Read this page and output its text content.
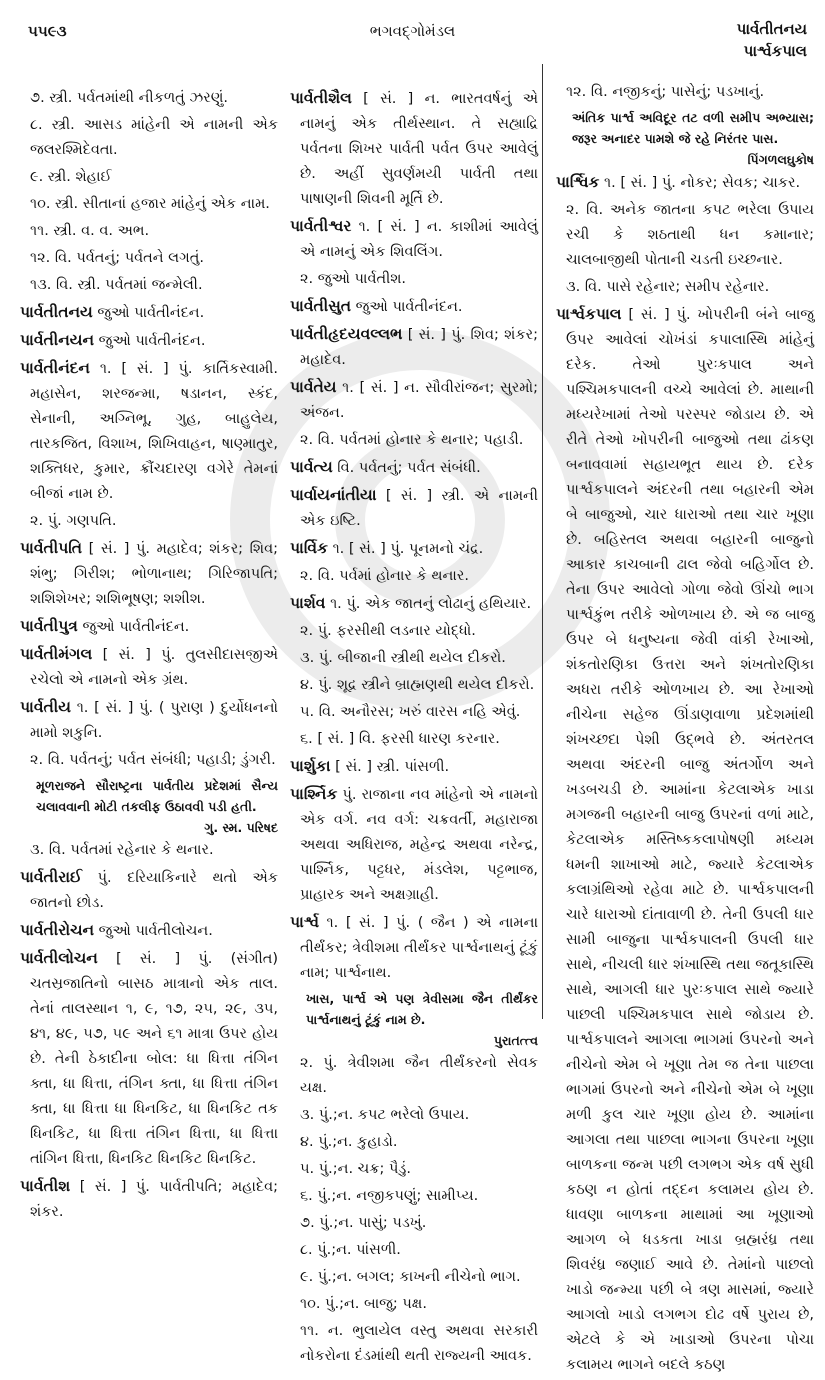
૫૫૯૩	ભગવદ્ગોમંડલ	પાર્વતીતનય
પાર્શ્વકપાલ
૭. સ્ત્રી. પર્વતમાંથી નીકળતું ઝરણું.
૮. સ્ત્રી. આસડ માંહેની એ નામની એક જલરશ્મિદેવતા.
૯. સ્ત્રી. શેહાઈ
૧૦. સ્ત્રી. સીતાનાં હજાર માંહેનું એક નામ.
૧૧. સ્ત્રી. વ. વ. અભ.
૧૨. વિ. પર્વતનું; પર્વતને લગતું.
૧૩. વિ. સ્ત્રી. પર્વતમાં જન્મેલી.
પાર્વતીતનય જુઓ પાર્વતીનંદન.
પાર્વતીનયન જુઓ પાર્વતીનંદન.
પાર્વતીનંદન ૧. [ સં. ] પું. કાર્તિકસ્વામી. મહાસેન, શરજન્મા, ષડાનન, સ્કંદ, સેનાની, અગ્નિભૂ, ગુહ, બાહુલેય, તારકજિત, વિશાખ, શિખિવાહન, ષાણ્માતુર, શક્તિધર, કુમાર, ક્રૌંચદારણ વગેરે તેમનાં બીજાં નામ છે.
૨. પું. ગણપતિ.
પાર્વતીપતિ [ સં. ] પું. મહાદેવ; શંકર; શિવ; શંભુ; ગિરીશ; ભોળાનાથ; ગિરિજાપતિ; શશિશેખર; શશિભૂષણ; શશીશ.
પાર્વતીપુત્ર જુઓ પાર્વતીનંદન.
પાર્વતીમંગલ [ સં. ] પું. તુલસીદાસજીએ રચેલો એ નામનો એક ગ્રંથ.
પાર્વતીય ૧. [ સં. ] પું. ( પુરાણ ) દુર્યોધનનો મામો શકુનિ.
૨. વિ. પર્વતનું; પર્વત સંબંધી; પહાડી; ડુંગરી.
મૂળરાજને સૌરાષ્ટ્રના પાર્વતીય પ્રદેશમાં સૈન્ય ચલાવવાની મોટી તકલીફ ઉઠાવવી પડી હતી.
ગુ. સ્મ. પરિષદ
૩. વિ. પર્વતમાં રહેનાર કે થનાર.
પાર્વતીરાઈ પું. દરિયાકિનારે થતો એક જાતનો છોડ.
પાર્વતીરોચન જુઓ પાર્વતીલોચન.
પાર્વતીલોચન [ સં. ] પું. (સંગીત) ચતસ્રજાતિનો બાસઠ માત્રાનો એક તાલ. તેનાં તાલસ્થાન ૧, ૯, ૧૭, ૨૫, ૨૯, ૩૫, ૪૧, ૪૯, ૫૭, ૫૯ અને ૬૧ માત્રા ઉપર હોય છે. તેની ઠેકાદીના બોલ: ધા ધિત્તા તંગિન ક્તા, ધા ધિત્તા, તંગિન ક્તા, ધા ધિત્તા તંગિન ક્તા, ધા ધિત્તા ધા ધિનકિટ, ધા ધિનકિટ તક ધિનકિટ, ધા ધિત્તા તંગિન ધિત્તા, ધા ધિત્તા તાંગિન ધિત્તા, ધિનકિટ ધિનકિટ ધિનકિટ.
પાર્વતીશ [ સં. ] પું. પાર્વતીપતિ; મહાદેવ; શંકર.
પાર્વતીશૈલ [ સં. ] ન. ભારતવર્ષનું એ નામનું એક તીર્થસ્થાન. તે સહ્યાદ્રિ પર્વતના શિખર પાર્વતી પર્વત ઉપર આવેલું છે. અહીં સુવર્ણમયી પાર્વતી તથા પાષાણની શિવની મૂર્તિ છે.
પાર્વતીશ્વર ૧. [ સં. ] ન. કાશીમાં આવેલું એ નામનું એક શિવલિંગ.
૨. જુઓ પાર્વતીશ.
પાર્વતીસુત જુઓ પાર્વતીનંદન.
પાર્વતીહૃદયવલ્લભ [ સં. ] પું. શિવ; શંકર; મહાદેવ.
પાર્વતેય ૧. [ સં. ] ન. સૌવીરાંજન; સુરમો; અંજન.
૨. વિ. પર્વતમાં હોનાર કે થનાર; પહાડી.
પાર્વત્ય વિ. પર્વતનું; પર્વત સંબંધી.
પાર્વાયનાંતીયા [ સં. ] સ્ત્રી. એ નામની એક ઇષ્ટિ.
પાર્વિક ૧. [ સં. ] પું. પૂનમનો ચંદ્ર.
૨. વિ. પર્વમાં હોનાર કે થનાર.
પાર્શવ ૧. પું. એક જાતનું લોઢાનું હથિયાર.
૨. પું. ફરસીથી લડનાર યોદ્ધો.
૩. પું. બીજાની સ્ત્રીથી થયેલ દીકરો.
૪. પું. શૂદ્ર સ્ત્રીને બ્રાહ્મણથી થયેલ દીકરો.
૫. વિ. અનૌરસ; ખરું વારસ નહિ એવું.
૬. [ સં. ] વિ. ફરસી ધારણ કરનાર.
પાર્શુકા [ સં. ] સ્ત્રી. પાંસળી.
પાર્શ્નિક પું. રાજાના નવ માંહેનો એ નામનો એક વર્ગ. નવ વર્ગ: ચક્રવર્તી, મહારાજા અથવા અધિરાજ, મહેન્દ્ર અથવા નરેન્દ્ર, પાર્શ્નિક, પટ્ટધર, મંડલેશ, પટ્ટભાજ, પ્રાહારક અને અક્ષગ્રાહી.
પાર્શ્વ ૧. [ સં. ] પું. ( જૈન ) એ નામના તીર્થંકર; ત્રેવીશમા તીર્થંકર પાર્શ્વનાથનું ટૂંકું નામ; પાર્શ્વનાથ.
ખાસ, પાર્શ્વ એ પણ ત્રેવીસમા જૈન તીર્થંકર પાર્શ્વનાથનું ટૂંકું નામ છે.
પુરાતત્ત્વ
૨. પું. ત્રેવીશમા જૈન તીર્થંકરનો સેવક યક્ષ.
૩. પું.;ન. કપટ ભરેલો ઉપાય.
૪. પું.;ન. કુહાડો.
૫. પું.;ન. ચક્ર; પૈડું.
૬. પું.;ન. નજીકપણું; સામીપ્ય.
૭. પું.;ન. પાસું; પડખું.
૮. પું.;ન. પાંસળી.
૯. પું.;ન. બગલ; કાખની નીચેનો ભાગ.
૧૦. પું.;ન. બાજુ; પક્ષ.
૧૧. ન. ભુલાયેલ વસ્તુ અથવા સરકારી નોકરોના દંડમાંથી થતી રાજ્યની આવક.
૧૨. વિ. નજીકનું; પાસેનું; પડખાનું.
અંતિક પાર્શ્વ અવિદૂર તટ વળી સમીપ અભ્યાસ; જરૂર અનાદર પામશે જે રહે નિરંતર પાસ.
પિંગળલઘુકોષ
પાર્શ્વિક ૧. [ સં. ] પું. નોકર; સેવક; ચાકર.
૨. વિ. અનેક જાતના કપટ ભરેલા ઉપાય રચી કે શઠતાથી ધન કમાનાર; ચાલબાજીથી પોતાની ચડતી ઇચ્છનાર.
૩. વિ. પાસે રહેનાર; સમીપ રહેનાર.
પાર્શ્વકપાલ [ સં. ] પું. ખોપરીની બંને બાજુ ઉપર આવેલાં ચોખંડાં કપાલાસ્થિ માંહેનું દરેક. તેઓ પુરઃકપાલ અને પશ્ચિમકપાલની વચ્ચે આવેલાં છે. માથાની મધ્યરેખામાં તેઓ પરસ્પર જોડાય છે. એ રીતે તેઓ ખોપરીની બાજુઓ તથા ઢાંકણ બનાવવામાં સહાયભૂત થાય છે. દરેક પાર્શ્વકપાલને અંદરની તથા બહારની એમ બે બાજુઓ, ચાર ધારાઓ તથા ચાર ખૂણા છે. બહિસ્તલ અથવા બહારની બાજુનો આકાર કાચબાની ઢાલ જેવો બહિર્ગોલ છે. તેના ઉપર આવેલો ગોળા જેવો ઊંચો ભાગ પાર્શ્વકુંભ તરીકે ઓળખાય છે. એ જ બાજુ ઉપર બે ધનુષ્યના જેવી વાંકી રેખાઓ, શંકતોરણિકા ઉત્તરા અને શંખતોરણિકા અધરા તરીકે ઓળખાય છે. આ રેખાઓ નીચેના સહેજ ઊંડાણવાળા પ્રદેશમાંથી શંખચ્છદા પેશી ઉદ્ભવે છે. અંતરતલ અથવા અંદરની બાજુ અંતર્ગોળ અને ખડબચડી છે. આમાંના કેટલાએક ખાડા મગજની બહારની બાજુ ઉપરનાં વળાં માટે, કેટલાએક મસ્તિષ્કકલાપોષણી મધ્યમ ધમની શાખાઓ માટે, જ્યારે કેટલાએક કલાગ્રંથિઓ રહેવા માટે છે. પાર્શ્વકપાલની ચારે ધારાઓ દાંતાવાળી છે. તેની ઉપલી ધાર સામી બાજુના પાર્શ્વકપાલની ઉપલી ધાર સાથે, નીચલી ધાર શંખાસ્થિ તથા જતૂકાસ્થિ સાથે, આગલી ધાર પુરઃકપાલ સાથે જ્યારે પાછલી પશ્ચિમકપાલ સાથે જોડાય છે. પાર્શ્વકપાલને આગલા ભાગમાં ઉપરનો અને નીચેનો એમ બે ખૂણા તેમ જ તેના પાછલા ભાગમાં ઉપરનો અને નીચેનો એમ બે ખૂણા મળી કુલ ચાર ખૂણા હોય છે. આમાંના આગલા તથા પાછલા ભાગના ઉપરના ખૂણા બાળકના જન્મ પછી લગભગ એક વર્ષ સુધી કઠણ ન હોતાં તદ્દન કલામય હોય છે. ધાવણા બાળકના માથામાં આ ખૂણાઓ આગળ બે ધડકતા ખાડા બ્રહ્મરંધ્ર તથા શિવરંધ્ર જણાઈ આવે છે. તેમાંનો પાછલો ખાડો જન્મ્યા પછી બે ત્રણ માસમાં, જ્યારે આગલો ખાડો લગભગ દોઢ વર્ષે પુરાય છે, એટલે કે એ ખાડાઓ ઉપરના પોચા કલામય ભાગને બદલે કઠણ
